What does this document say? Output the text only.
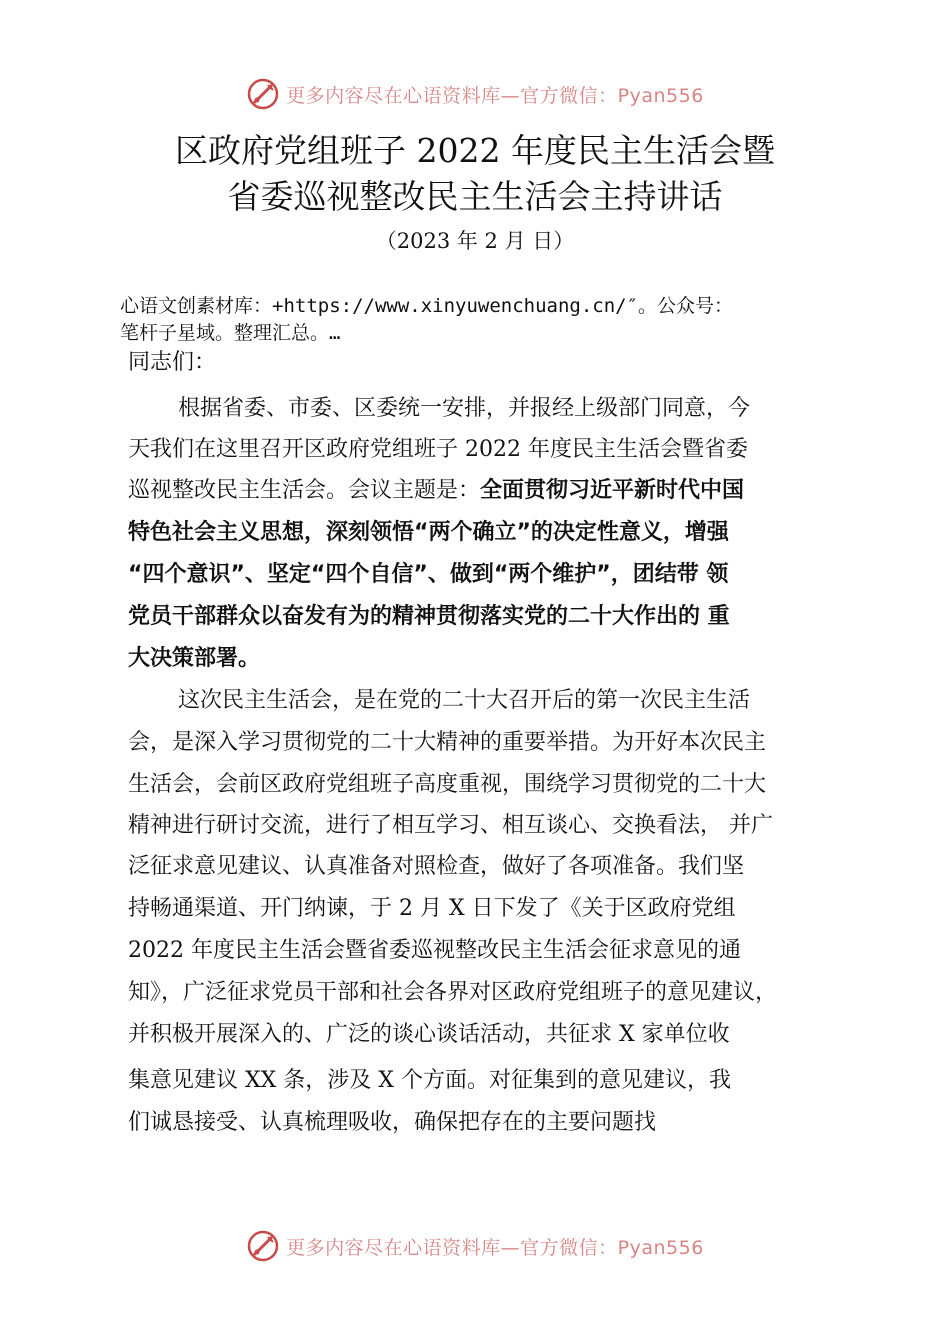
更多内容尽在心语资料库—官方微信：Pyan556
区政府党组班子 2022 年度民主生活会暨
省委巡视整改民主生活会主持讲话
（2023 年 2 月 日）
心语文创素材库：+https://www.xinyuwenchuang.cn/″。公众号：
笔杆子星域。整理汇总。…
同志们：
根据省委、市委、区委统一安排，并报经上级部门同意，今
天我们在这里召开区政府党组班子 2022 年度民主生活会暨省委
巡视整改民主生活会。会议主题是：全面贯彻习近平新时代中国
特色社会主义思想，深刻领悟“两个确立”的决定性意义，增强
“四个意识”、坚定“四个自信”、做到“两个维护”，团结带 领
党员干部群众以奋发有为的精神贯彻落实党的二十大作出的 重
大决策部署。
这次民主生活会，是在党的二十大召开后的第一次民主生活
会，是深入学习贯彻党的二十大精神的重要举措。为开好本次民主
生活会，会前区政府党组班子高度重视，围绕学习贯彻党的二十大
精神进行研讨交流，进行了相互学习、相互谈心、交换看法， 并广
泛征求意见建议、认真准备对照检查，做好了各项准备。我们坚
持畅通渠道、开门纳谏，于 2 月 X 日下发了《关于区政府党组
2022 年度民主生活会暨省委巡视整改民主生活会征求意见的通
知》，广泛征求党员干部和社会各界对区政府党组班子的意见建议，
并积极开展深入的、广泛的谈心谈话活动，共征求 X 家单位收
集意见建议 XX 条，涉及 X 个方面。对征集到的意见建议，我
们诚恳接受、认真梳理吸收，确保把存在的主要问题找
更多内容尽在心语资料库—官方微信：Pyan556
